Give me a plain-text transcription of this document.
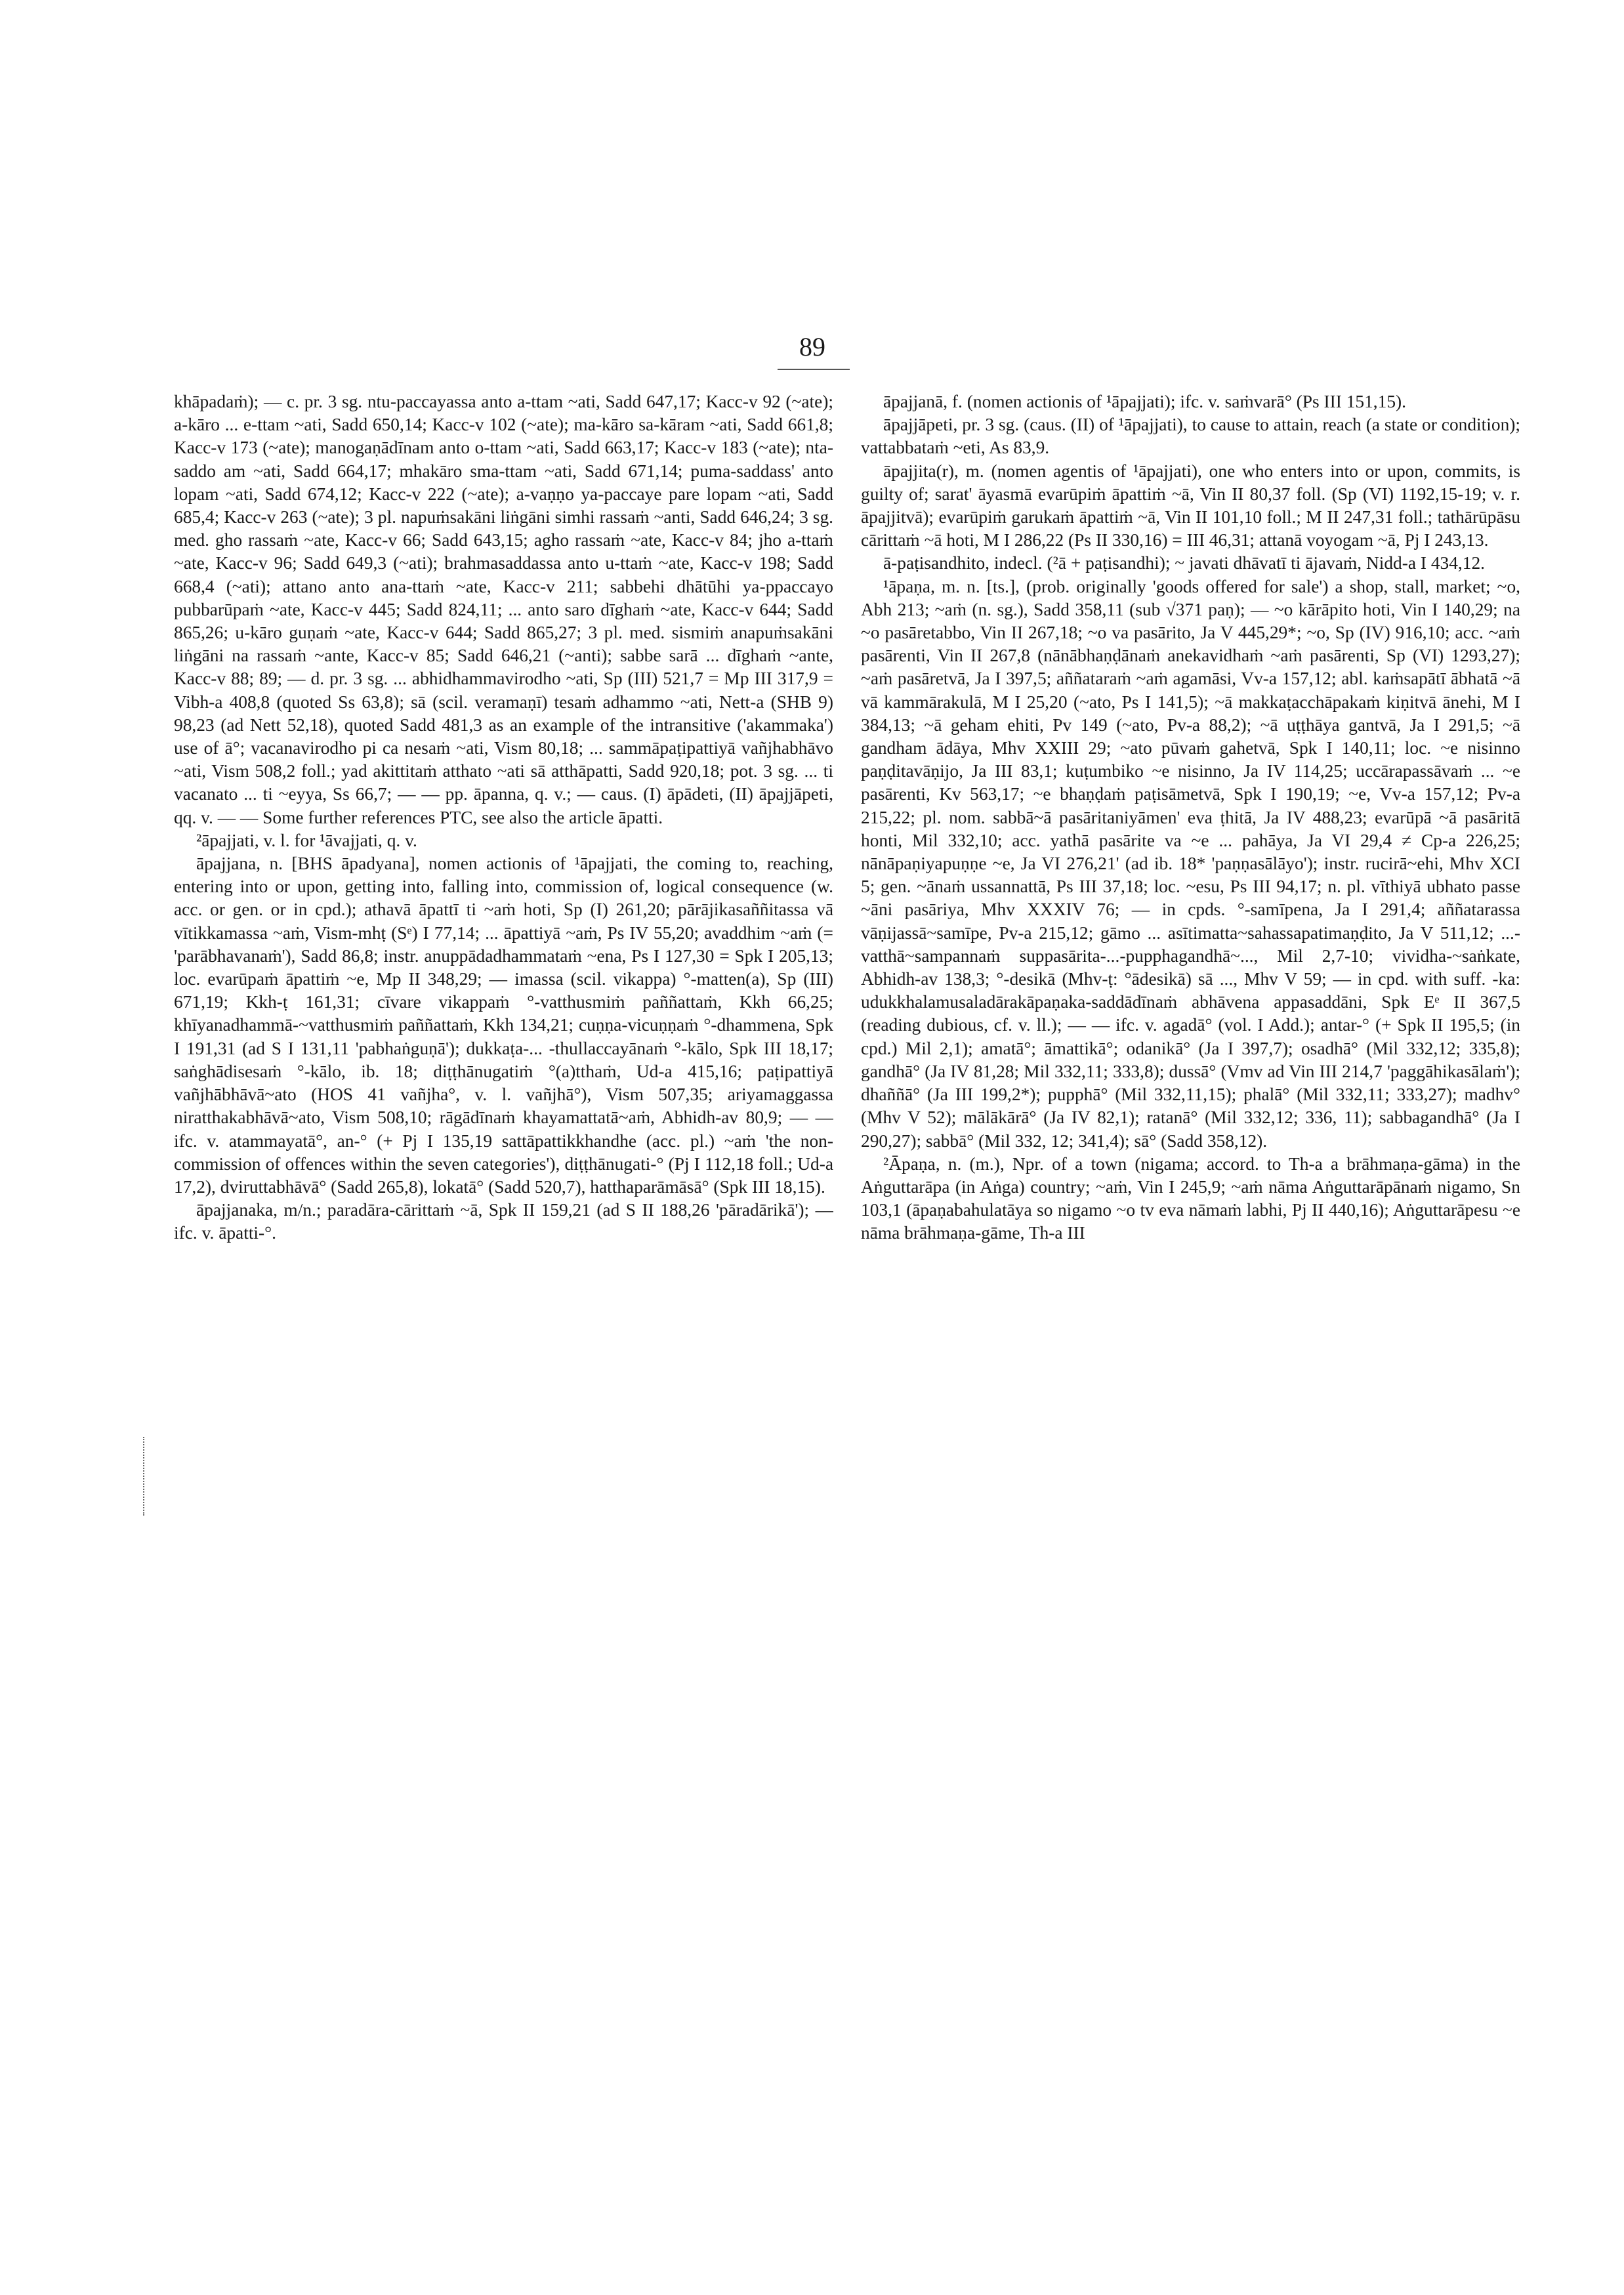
89

khāpadaṁ); — c. pr. 3 sg. ntu-paccayassa anto a-ttam ~ati, Sadd 647,17; Kacc-v 92 (~ate); a-kāro ... e-ttam ~ati, Sadd 650,14; Kacc-v 102 (~ate); ma-kāro sa-kāram ~ati, Sadd 661,8; Kacc-v 173 (~ate); manogaṇādīnam anto o-ttam ~ati, Sadd 663,17; Kacc-v 183 (~ate); nta-saddo am ~ati, Sadd 664,17; mhakāro sma-ttam ~ati, Sadd 671,14; puma-saddass' anto lopam ~ati, Sadd 674,12; Kacc-v 222 (~ate); a-vaṇṇo ya-paccaye pare lopam ~ati, Sadd 685,4; Kacc-v 263 (~ate); 3 pl. napuṁsakāni liṅgāni simhi rassaṁ ~anti, Sadd 646,24; 3 sg. med. gho rassaṁ ~ate, Kacc-v 66; Sadd 643,15; agho rassaṁ ~ate, Kacc-v 84; jho a-ttaṁ ~ate, Kacc-v 96; Sadd 649,3 (~ati); brahmasaddassa anto u-ttaṁ ~ate, Kacc-v 198; Sadd 668,4 (~ati); attano anto ana-ttaṁ ~ate, Kacc-v 211; sabbehi dhātūhi ya-ppaccayo pubbarūpaṁ ~ate, Kacc-v 445; Sadd 824,11; ... anto saro dīghaṁ ~ate, Kacc-v 644; Sadd 865,26; u-kāro guṇaṁ ~ate, Kacc-v 644; Sadd 865,27; 3 pl. med. sismiṁ anapuṁsakāni liṅgāni na rassaṁ ~ante, Kacc-v 85; Sadd 646,21 (~anti); sabbe sarā ... dīghaṁ ~ante, Kacc-v 88; 89; — d. pr. 3 sg. ... abhidhammavirodho ~ati, Sp (III) 521,7 = Mp III 317,9 = Vibh-a 408,8 (quoted Ss 63,8); sā (scil. veramaṇī) tesaṁ adhammo ~ati, Nett-a (SHB 9) 98,23 (ad Nett 52,18), quoted Sadd 481,3 as an example of the intransitive ('akammaka') use of ā°; vacanavirodho pi ca nesaṁ ~ati, Vism 80,18; ... sammāpaṭipattiyā vañjhabhāvo ~ati, Vism 508,2 foll.; yad akittitaṁ atthato ~ati sā atthāpatti, Sadd 920,18; pot. 3 sg. ... ti vacanato ... ti ~eyya, Ss 66,7; — — pp. āpanna, q. v.; — caus. (I) āpādeti, (II) āpajjāpeti, qq. v. — — Some further references PTC, see also the article āpatti.

²āpajjati, v. l. for ¹āvajjati, q. v.

āpajjana, n. [BHS āpadyana], nomen actionis of ¹āpajjati, the coming to, reaching, entering into or upon, getting into, falling into, commission of, logical consequence (w. acc. or gen. or in cpd.); athavā āpattī ti ~aṁ hoti, Sp (I) 261,20; pārājikasaññitassa vā vītikkamassa ~aṁ, Vism-mhṭ (Sᵉ) I 77,14; ... āpattiyā ~aṁ, Ps IV 55,20; avaddhim ~aṁ (= 'parābhavanaṁ'), Sadd 86,8; instr. anuppādadhammataṁ ~ena, Ps I 127,30 = Spk I 205,13; loc. evarūpaṁ āpattiṁ ~e, Mp II 348,29; — imassa (scil. vikappa) °-matten(a), Sp (III) 671,19; Kkh-ṭ 161,31; cīvare vikappaṁ °-vatthusmiṁ paññattaṁ, Kkh 66,25; khīyanadhammā-~vatthusmiṁ paññattaṁ, Kkh 134,21; cuṇṇa-vicuṇṇaṁ °-dhammena, Spk I 191,31 (ad S I 131,11 'pabhaṅguṇā'); dukkaṭa-... -thullaccayānaṁ °-kālo, Spk III 18,17; saṅghādisesaṁ °-kālo, ib. 18; diṭṭhānugatiṁ °(a)tthaṁ, Ud-a 415,16; paṭipattiyā vañjhābhāvā~ato (HOS 41 vañjha°, v. l. vañjhā°), Vism 507,35; ariyamaggassa niratthakabhāvā~ato, Vism 508,10; rāgādīnaṁ khayamattatā~aṁ, Abhidh-av 80,9; — — ifc. v. atammayatā°, an-° (+ Pj I 135,19 sattāpattikkhandhe (acc. pl.) ~aṁ 'the non-commission of offences within the seven categories'), diṭṭhānugati-° (Pj I 112,18 foll.; Ud-a 17,2), dviruttabhāvā° (Sadd 265,8), lokatā° (Sadd 520,7), hatthaparāmāsā° (Spk III 18,15).

āpajjanaka, m/n.; paradāra-cārittaṁ ~ā, Spk II 159,21 (ad S II 188,26 'pāradārikā'); — ifc. v. āpatti-°.

āpajjanā, f. (nomen actionis of ¹āpajjati); ifc. v. saṁvarā° (Ps III 151,15).

āpajjāpeti, pr. 3 sg. (caus. (II) of ¹āpajjati), to cause to attain, reach (a state or condition); vattabbataṁ ~eti, As 83,9.

āpajjita(r), m. (nomen agentis of ¹āpajjati), one who enters into or upon, commits, is guilty of; sarat' āyasmā evarūpiṁ āpattiṁ ~ā, Vin II 80,37 foll. (Sp (VI) 1192,15-19; v. r. āpajjitvā); evarūpiṁ garukaṁ āpattiṁ ~ā, Vin II 101,10 foll.; M II 247,31 foll.; tathārūpāsu cārittaṁ ~ā hoti, M I 286,22 (Ps II 330,16) = III 46,31; attanā voyogam ~ā, Pj I 243,13.

ā-paṭisandhito, indecl. (²ā + paṭisandhi); ~ javati dhāvatī ti ājavaṁ, Nidd-a I 434,12.

¹āpaṇa, m. n. [ts.], (prob. originally 'goods offered for sale') a shop, stall, market; ~o, Abh 213; ~aṁ (n. sg.), Sadd 358,11 (sub √371 paṇ); — ~o kārāpito hoti, Vin I 140,29; na ~o pasāretabbo, Vin II 267,18; ~o va pasārito, Ja V 445,29*; ~o, Sp (IV) 916,10; acc. ~aṁ pasārenti, Vin II 267,8 (nānābhaṇḍānaṁ anekavidhaṁ ~aṁ pasārenti, Sp (VI) 1293,27); ~aṁ pasāretvā, Ja I 397,5; aññataraṁ ~aṁ agamāsi, Vv-a 157,12; abl. kaṁsapātī ābhatā ~ā vā kammārakulā, M I 25,20 (~ato, Ps I 141,5); ~ā makkaṭacchāpakaṁ kiṇitvā ānehi, M I 384,13; ~ā geham ehiti, Pv 149 (~ato, Pv-a 88,2); ~ā uṭṭhāya gantvā, Ja I 291,5; ~ā gandham ādāya, Mhv XXIII 29; ~ato pūvaṁ gahetvā, Spk I 140,11; loc. ~e nisinno paṇḍitavāṇijo, Ja III 83,1; kuṭumbiko ~e nisinno, Ja IV 114,25; uccārapassāvaṁ ... ~e pasārenti, Kv 563,17; ~e bhaṇḍaṁ paṭisāmetvā, Spk I 190,19; ~e, Vv-a 157,12; Pv-a 215,22; pl. nom. sabbā~ā pasāritaniyāmen' eva ṭhitā, Ja IV 488,23; evarūpā ~ā pasāritā honti, Mil 332,10; acc. yathā pasārite va ~e ... pahāya, Ja VI 29,4 ≠ Cp-a 226,25; nānāpaṇiyapuṇṇe ~e, Ja VI 276,21' (ad ib. 18* 'paṇṇasālāyo'); instr. rucirā~ehi, Mhv XCI 5; gen. ~ānaṁ ussannattā, Ps III 37,18; loc. ~esu, Ps III 94,17; n. pl. vīthiyā ubhato passe ~āni pasāriya, Mhv XXXIV 76; — in cpds. °-samīpena, Ja I 291,4; aññatarassa vāṇijassā~samīpe, Pv-a 215,12; gāmo ... asītimatta~sahassapatimaṇḍito, Ja V 511,12; ...-vatthā~sampannaṁ suppasārita-...-pupphagandhā~..., Mil 2,7-10; vividha-~saṅkate, Abhidh-av 138,3; °-desikā (Mhv-ṭ: °ādesikā) sā ..., Mhv V 59; — in cpd. with suff. -ka: udukkhalamusaladārakāpaṇaka-saddādīnaṁ abhāvena appasaddāni, Spk Eᵉ II 367,5 (reading dubious, cf. v. ll.); — — ifc. v. agadā° (vol. I Add.); antar-° (+ Spk II 195,5; (in cpd.) Mil 2,1); amatā°; āmattikā°; odanikā° (Ja I 397,7); osadhā° (Mil 332,12; 335,8); gandhā° (Ja IV 81,28; Mil 332,11; 333,8); dussā° (Vmv ad Vin III 214,7 'paggāhikasālaṁ'); dhaññā° (Ja III 199,2*); pupphā° (Mil 332,11,15); phalā° (Mil 332,11; 333,27); madhv° (Mhv V 52); mālākārā° (Ja IV 82,1); ratanā° (Mil 332,12; 336, 11); sabbagandhā° (Ja I 290,27); sabbā° (Mil 332, 12; 341,4); sā° (Sadd 358,12).

²Āpaṇa, n. (m.), Npr. of a town (nigama; accord. to Th-a a brāhmaṇa-gāma) in the Aṅguttarāpa (in Aṅga) country; ~aṁ, Vin I 245,9; ~aṁ nāma Aṅguttarāpānaṁ nigamo, Sn 103,1 (āpaṇabahulatāya so nigamo ~o tv eva nāmaṁ labhi, Pj II 440,16); Aṅguttarāpesu ~e nāma brāhmaṇa-gāme, Th-a III
